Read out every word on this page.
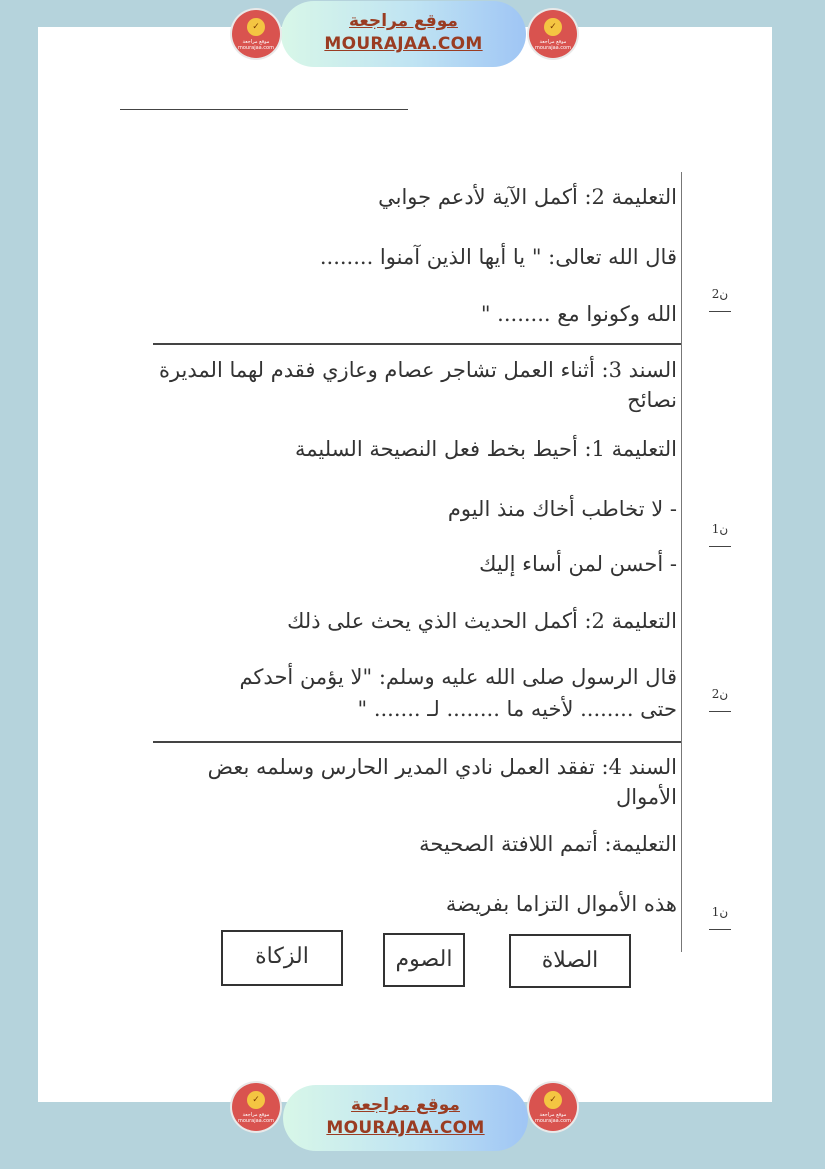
التعليمة 2: أكمل الآية لأدعم جوابي
قال الله تعالى: " يا أيها الذين آمنوا ........
الله وكونوا مع ........ "
2ن
السند 3: أثناء العمل تشاجر عصام وعازي فقدم لهما المديرة نصائح
التعليمة 1: أحيط بخط فعل النصيحة السليمة
- لا تخاطب أخاك منذ اليوم
- أحسن لمن أساء إليك
1ن
التعليمة 2: أكمل الحديث الذي يحث على ذلك
قال الرسول صلى الله عليه وسلم: "لا يؤمن أحدكم
حتى ........ لأخيه ما ........ لـ ....... "
2ن
السند 4: تفقد العمل نادي المدير الحارس وسلمه بعض الأموال
التعليمة: أتمم اللافتة الصحيحة
هذه الأموال التزاما بفريضة	1ن
الصلاة
الصوم
الزكاة
موقع مراجعة
MOURAJAA.COM
موقع مراجعة
MOURAJAA.COM
✓
موقع مراجعة mourajaa.com
✓
موقع مراجعة mourajaa.com
✓
موقع مراجعة mourajaa.com
✓
موقع مراجعة mourajaa.com
